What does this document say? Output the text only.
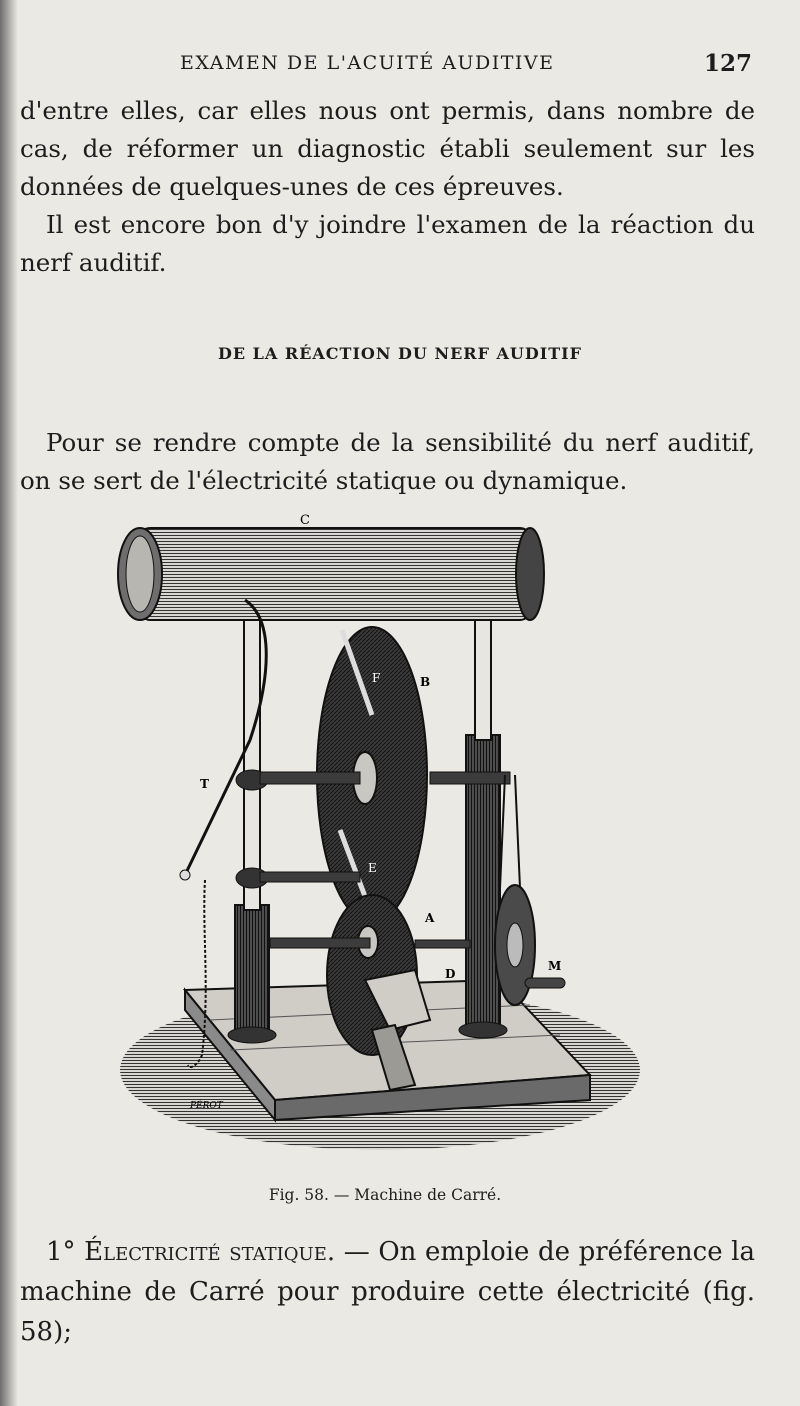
EXAMEN DE L'ACUITÉ AUDITIVE	127

d'entre elles, car elles nous ont permis, dans nombre de cas, de réformer un diagnostic établi seulement sur les données de quelques-unes de ces épreuves.

Il est encore bon d'y joindre l'examen de la réaction du nerf auditif.

DE LA RÉACTION DU NERF AUDITIF

Pour se rendre compte de la sensibilité du nerf auditif, on se sert de l'électricité statique ou dynamique.

C
B
F
T
E
A
D
M
PÉROT
Fig. 58. — Machine de Carré.

1° Électricité statique. — On emploie de préférence la machine de Carré pour produire cette électricité (fig. 58);
